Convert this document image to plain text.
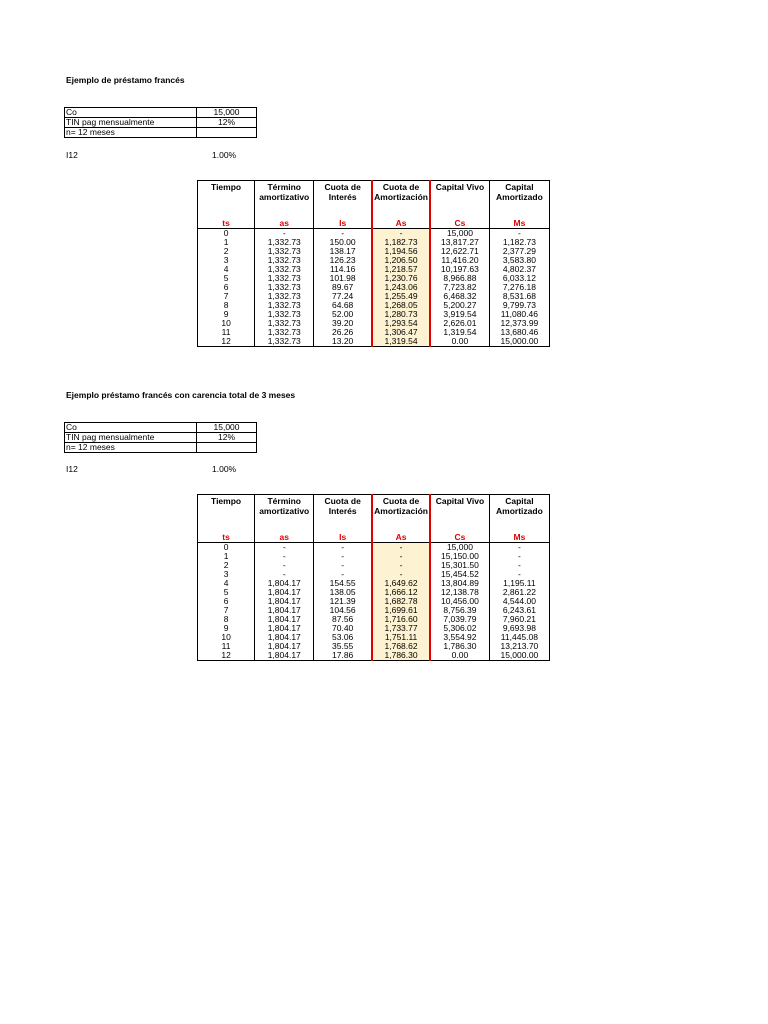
Ejemplo de préstamo francés
Co	15,000
TIN pag mensualmente	12%
n= 12 meses	
I12	1.00%
Tiempo	Término amortizativo	Cuota de Interés	Cuota de Amortización	Capital Vivo	Capital Amortizado
ts	as	Is	As	Cs	Ms
0	-	-	-	15,000	-
1	1,332.73	150.00	1,182.73	13,817.27	1,182.73
2	1,332.73	138.17	1,194.56	12,622.71	2,377.29
3	1,332.73	126.23	1,206.50	11,416.20	3,583.80
4	1,332.73	114.16	1,218.57	10,197.63	4,802.37
5	1,332.73	101.98	1,230.76	8,966.88	6,033.12
6	1,332.73	89.67	1,243.06	7,723.82	7,276.18
7	1,332.73	77.24	1,255.49	6,468.32	8,531.68
8	1,332.73	64.68	1,268.05	5,200.27	9,799.73
9	1,332.73	52.00	1,280.73	3,919.54	11,080.46
10	1,332.73	39.20	1,293.54	2,626.01	12,373.99
11	1,332.73	26.26	1,306.47	1,319.54	13,680.46
12	1,332.73	13.20	1,319.54	0.00	15,000.00
Ejemplo préstamo francés con carencia total de 3 meses
Co	15,000
TIN pag mensualmente	12%
n= 12 meses	
I12	1.00%
Tiempo	Término amortizativo	Cuota de Interés	Cuota de Amortización	Capital Vivo	Capital Amortizado
ts	as	Is	As	Cs	Ms
0	-	-	-	15,000	-
1	-	-	-	15,150.00	-
2	-	-	-	15,301.50	-
3	-	-	-	15,454.52	-
4	1,804.17	154.55	1,649.62	13,804.89	1,195.11
5	1,804.17	138.05	1,666.12	12,138.78	2,861.22
6	1,804.17	121.39	1,682.78	10,456.00	4,544.00
7	1,804.17	104.56	1,699.61	8,756.39	6,243.61
8	1,804.17	87.56	1,716.60	7,039.79	7,960.21
9	1,804.17	70.40	1,733.77	5,306.02	9,693.98
10	1,804.17	53.06	1,751.11	3,554.92	11,445.08
11	1,804.17	35.55	1,768.62	1,786.30	13,213.70
12	1,804.17	17.86	1,786.30	0.00	15,000.00
